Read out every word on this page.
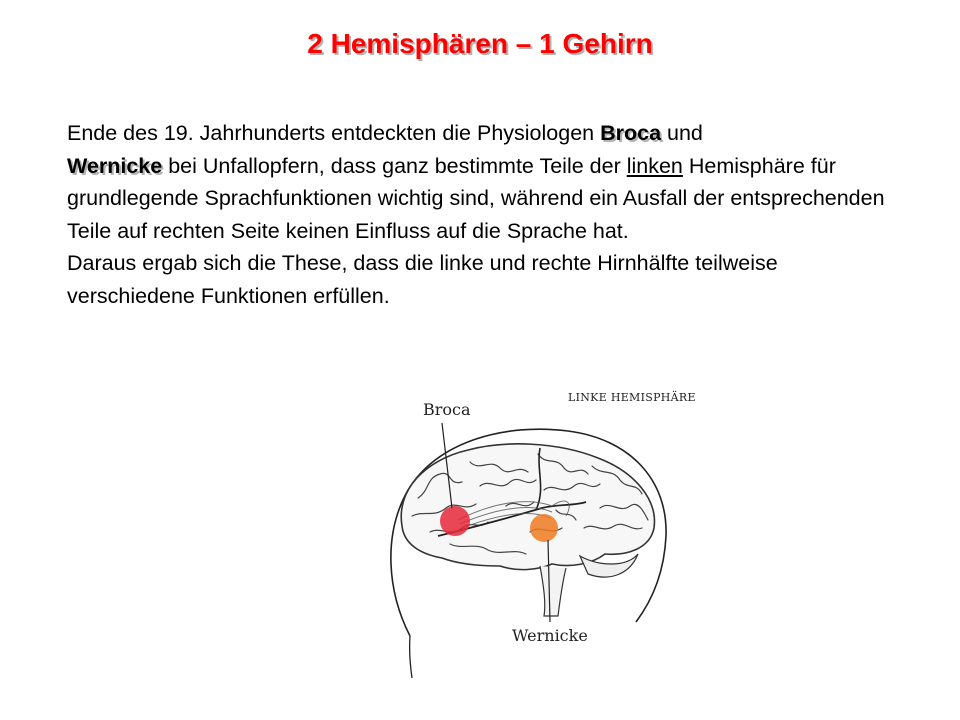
2 Hemisphären – 1 Gehirn
Ende des 19. Jahrhunderts entdeckten die Physiologen Broca und
Wernicke bei Unfallopfern, dass ganz bestimmte Teile der linken Hemisphäre für grundlegende Sprachfunktionen wichtig sind, während ein Ausfall der entsprechenden Teile auf rechten Seite keinen Einfluss auf die Sprache hat.
Daraus ergab sich die These, dass die linke und rechte Hirnhälfte teilweise verschiedene Funktionen erfüllen.
Broca
LINKE HEMISPHÄRE
Wernicke
